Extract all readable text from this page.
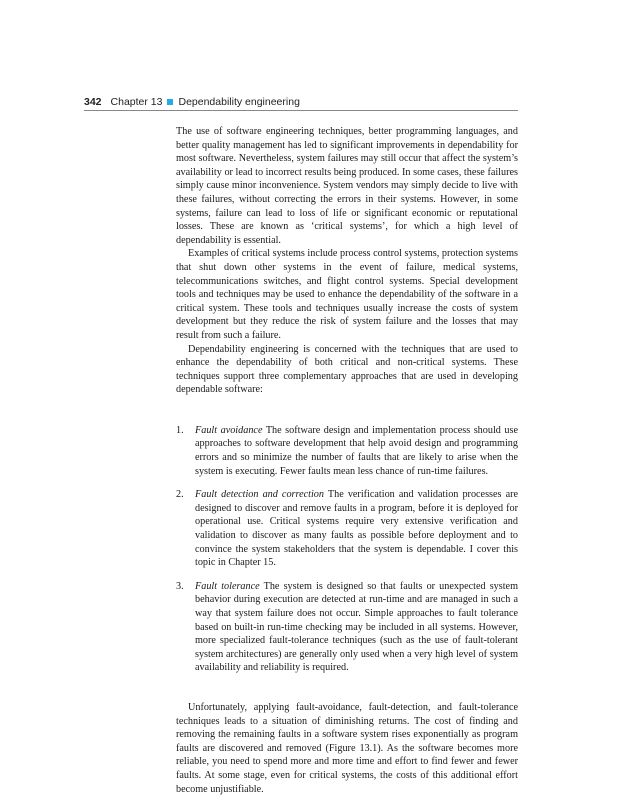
342 Chapter 13 Dependability engineering

The use of software engineering techniques, better programming languages, and better quality management has led to significant improvements in dependability for most software. Nevertheless, system failures may still occur that affect the system’s availability or lead to incorrect results being produced. In some cases, these failures simply cause minor inconvenience. System vendors may simply decide to live with these failures, without correcting the errors in their systems. However, in some systems, failure can lead to loss of life or significant economic or reputational losses. These are known as ‘critical systems’, for which a high level of dependability is essential.

Examples of critical systems include process control systems, protection systems that shut down other systems in the event of failure, medical systems, telecommunications switches, and flight control systems. Special development tools and techniques may be used to enhance the dependability of the software in a critical system. These tools and techniques usually increase the costs of system development but they reduce the risk of system failure and the losses that may result from such a failure.

Dependability engineering is concerned with the techniques that are used to enhance the dependability of both critical and non-critical systems. These techniques support three complementary approaches that are used in developing dependable software:

1. Fault avoidance The software design and implementation process should use approaches to software development that help avoid design and programming errors and so minimize the number of faults that are likely to arise when the system is executing. Fewer faults mean less chance of run-time failures.
2. Fault detection and correction The verification and validation processes are designed to discover and remove faults in a program, before it is deployed for operational use. Critical systems require very extensive verification and validation to discover as many faults as possible before deployment and to convince the system stakeholders that the system is dependable. I cover this topic in Chapter 15.
3. Fault tolerance The system is designed so that faults or unexpected system behavior during execution are detected at run-time and are managed in such a way that system failure does not occur. Simple approaches to fault tolerance based on built-in run-time checking may be included in all systems. However, more specialized fault-tolerance techniques (such as the use of fault-tolerant system architectures) are generally only used when a very high level of system availability and reliability is required.

Unfortunately, applying fault-avoidance, fault-detection, and fault-tolerance techniques leads to a situation of diminishing returns. The cost of finding and removing the remaining faults in a software system rises exponentially as program faults are discovered and removed (Figure 13.1). As the software becomes more reliable, you need to spend more and more time and effort to find fewer and fewer faults. At some stage, even for critical systems, the costs of this additional effort become unjustifiable.
